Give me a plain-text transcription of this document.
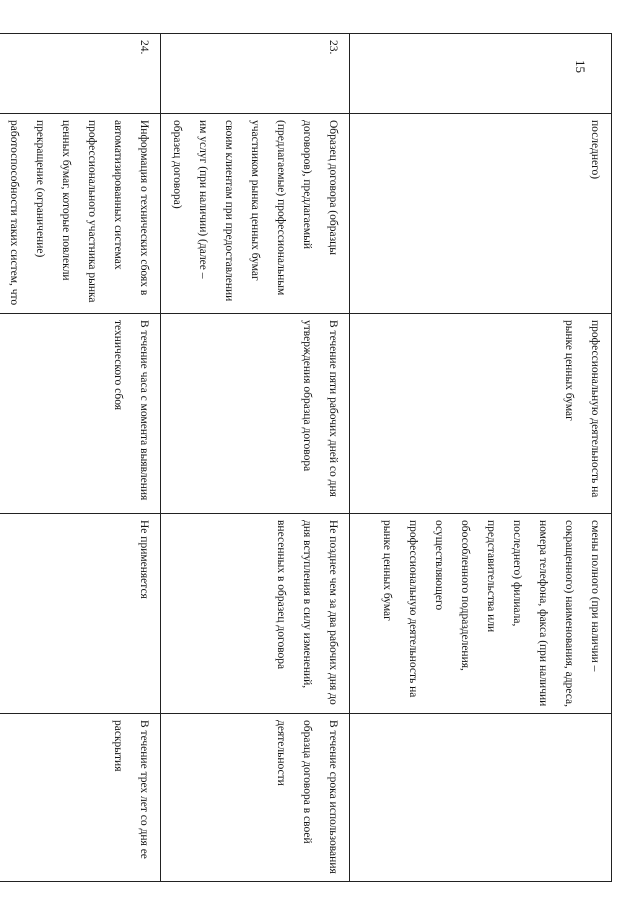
15
	последнего)	профессиональную деятельность на рынке ценных бумаг	смены полного (при наличии – сокращенного) наименования, адреса, номера телефона, факса (при наличии последнего) филиала, представительства или обособленного подразделения, осуществляющего профессиональную деятельность на рынке ценных бумаг	
23.	Образец договора (образцы договоров), предлагаемый (предлагаемые) профессиональным участником рынка ценных бумаг своим клиентам при предоставлении им услуг (при наличии) (далее – образец договора)	В течение пяти рабочих дней со дня утверждения образца договора	Не позднее чем за два рабочих дня до дня вступления в силу изменений, внесенных в образец договора	В течение срока использования образца договора в своей деятельности
24.	Информация о технических сбоях в автоматизированных системах профессионального участника рынка ценных бумаг, которые повлекли прекращение (ограничение) работоспособности таких систем, что	В течение часа с момента выявления технического сбоя	Не применяется	В течение трех лет со дня ее раскрытия
